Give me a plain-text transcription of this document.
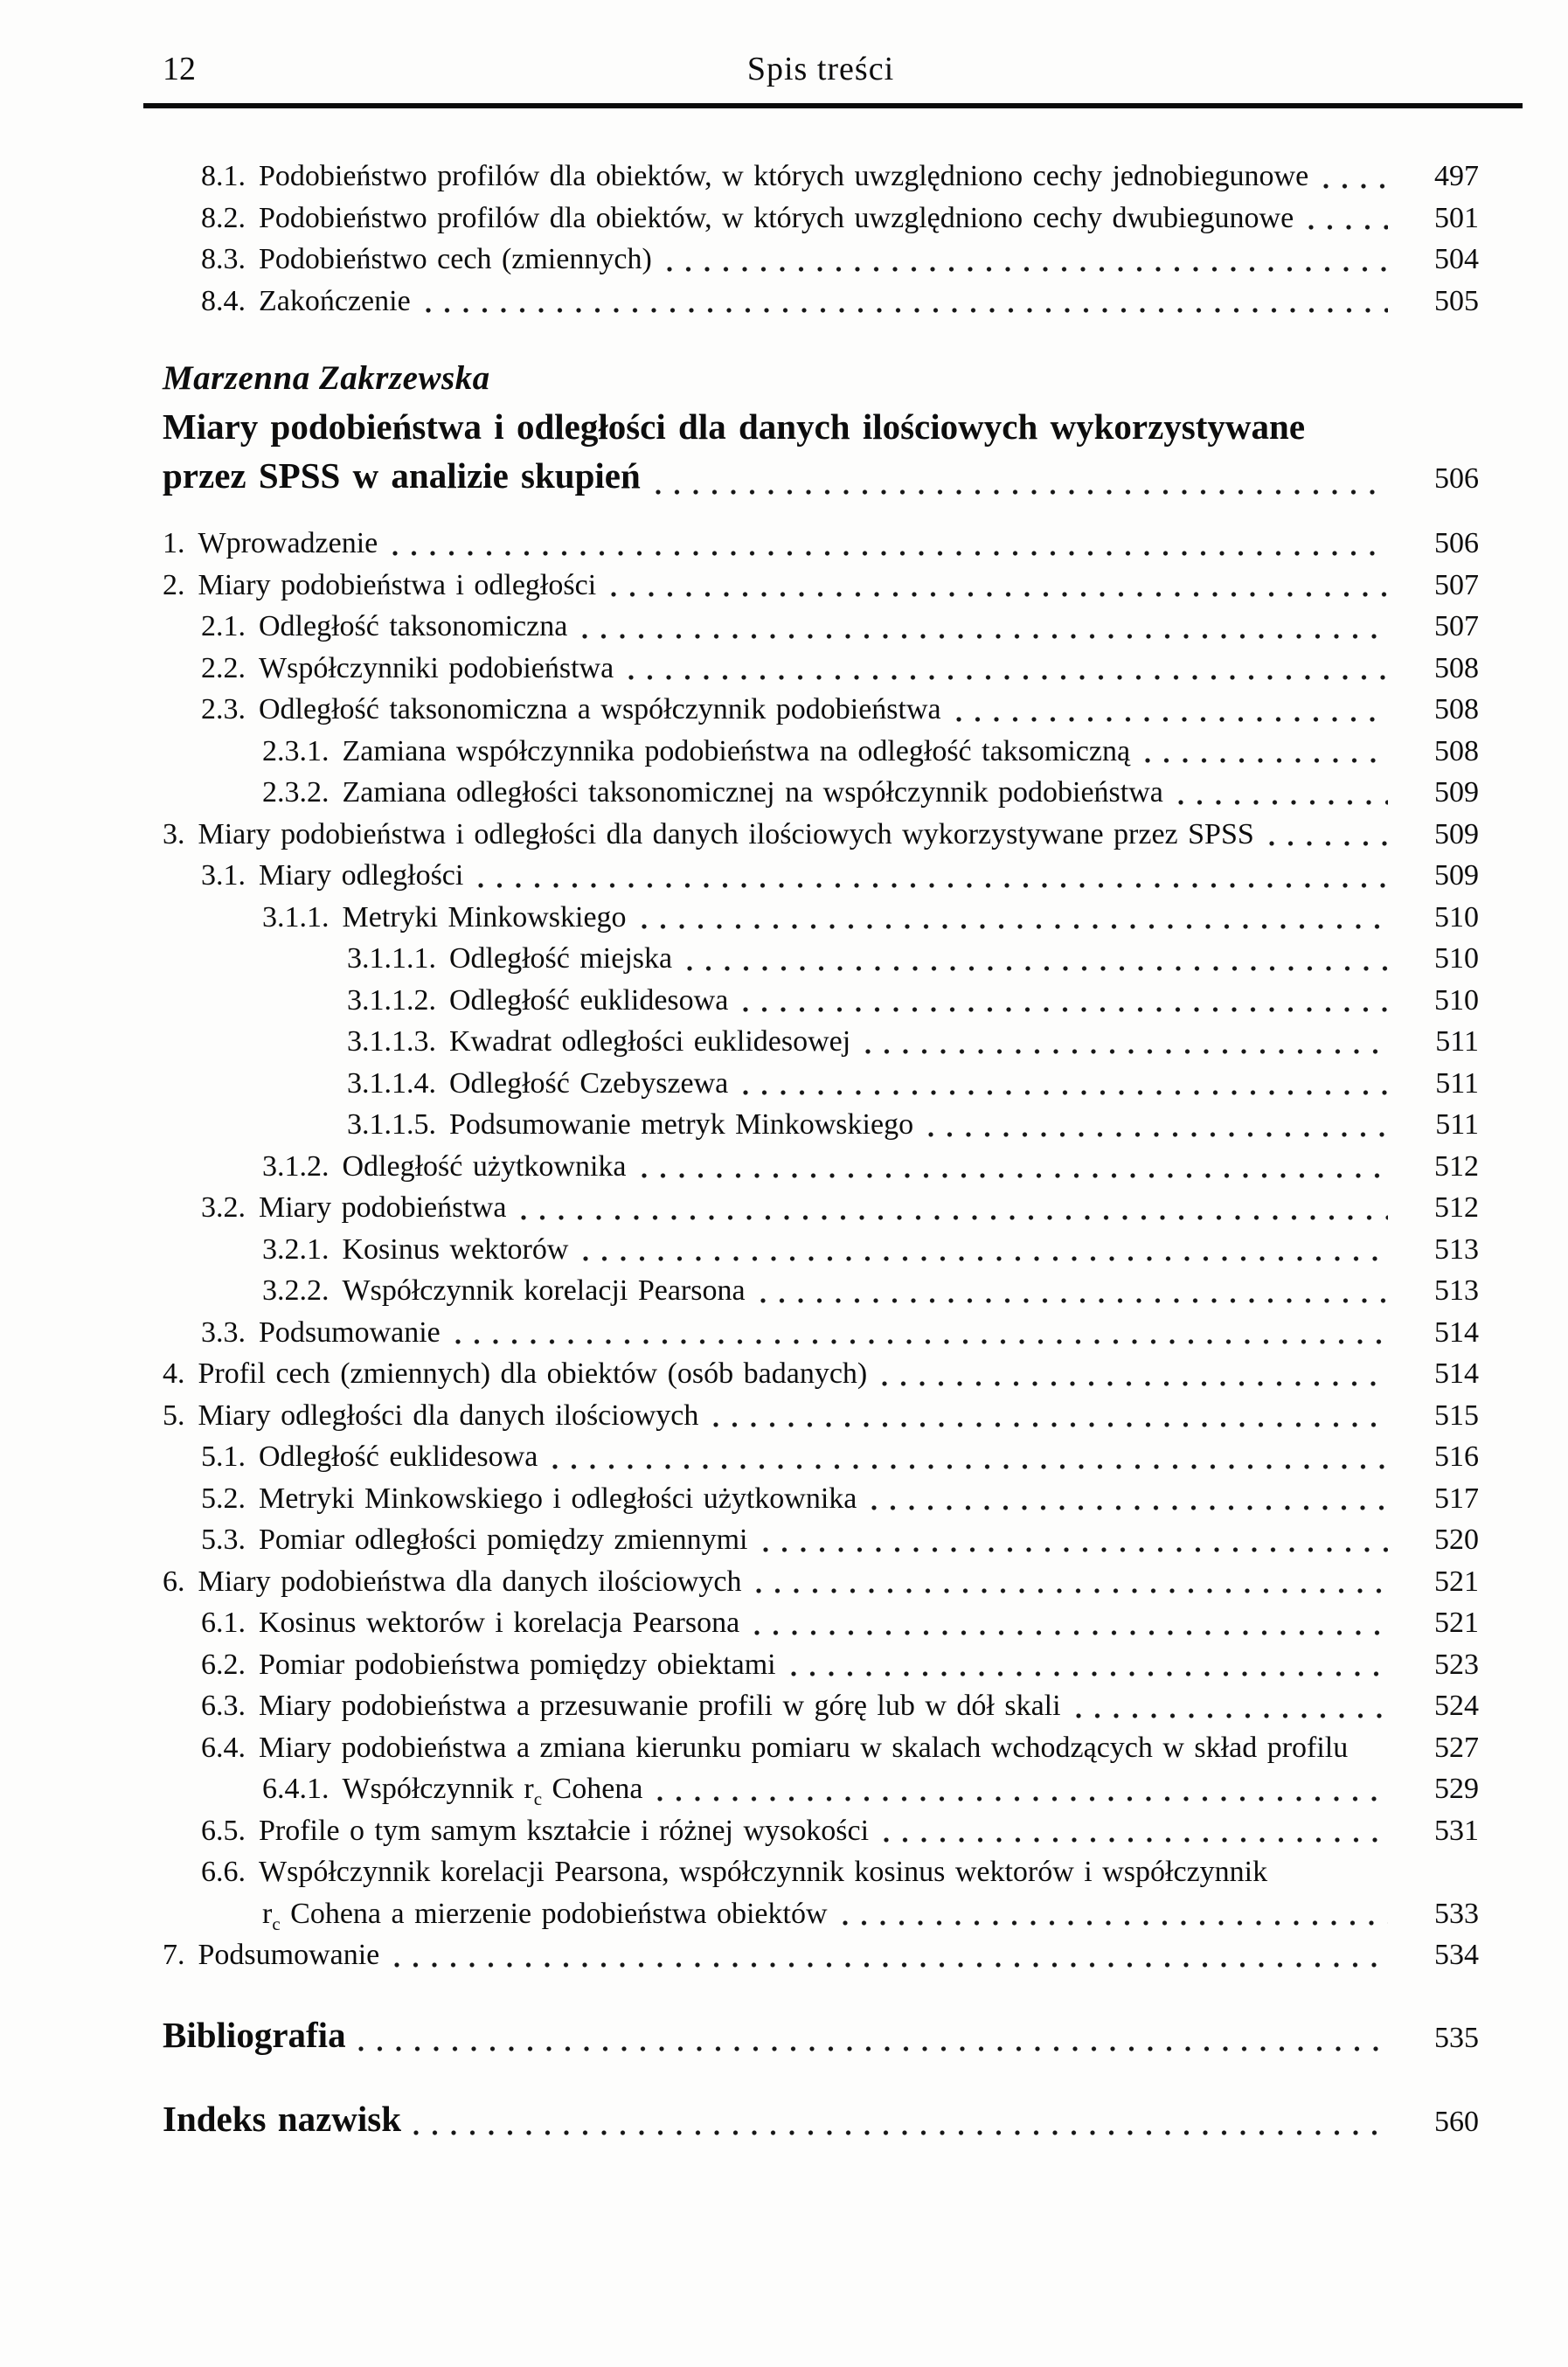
12	Spis treści
8.1. Podobieństwo profilów dla obiektów, w których uwzględniono cechy jednobiegunowe	497
8.2. Podobieństwo profilów dla obiektów, w których uwzględniono cechy dwubiegunowe	501
8.3. Podobieństwo cech (zmiennych)	504
8.4. Zakończenie	505
Marzenna Zakrzewska
Miary podobieństwa i odległości dla danych ilościowych wykorzystywane
przez SPSS w analizie skupień	506
1. Wprowadzenie	506
2. Miary podobieństwa i odległości	507
2.1. Odległość taksonomiczna	507
2.2. Współczynniki podobieństwa	508
2.3. Odległość taksonomiczna a współczynnik podobieństwa	508
2.3.1. Zamiana współczynnika podobieństwa na odległość taksomiczną	508
2.3.2. Zamiana odległości taksonomicznej na współczynnik podobieństwa	509
3. Miary podobieństwa i odległości dla danych ilościowych wykorzystywane przez SPSS	509
3.1. Miary odległości	509
3.1.1. Metryki Minkowskiego	510
3.1.1.1. Odległość miejska	510
3.1.1.2. Odległość euklidesowa	510
3.1.1.3. Kwadrat odległości euklidesowej	511
3.1.1.4. Odległość Czebyszewa	511
3.1.1.5. Podsumowanie metryk Minkowskiego	511
3.1.2. Odległość użytkownika	512
3.2. Miary podobieństwa	512
3.2.1. Kosinus wektorów	513
3.2.2. Współczynnik korelacji Pearsona	513
3.3. Podsumowanie	514
4. Profil cech (zmiennych) dla obiektów (osób badanych)	514
5. Miary odległości dla danych ilościowych	515
5.1. Odległość euklidesowa	516
5.2. Metryki Minkowskiego i odległości użytkownika	517
5.3. Pomiar odległości pomiędzy zmiennymi	520
6. Miary podobieństwa dla danych ilościowych	521
6.1. Kosinus wektorów i korelacja Pearsona	521
6.2. Pomiar podobieństwa pomiędzy obiektami	523
6.3. Miary podobieństwa a przesuwanie profili w górę lub w dół skali	524
6.4. Miary podobieństwa a zmiana kierunku pomiaru w skalach wchodzących w skład profilu	527
6.4.1. Współczynnik $r_c$ Cohena	529
6.5. Profile o tym samym kształcie i różnej wysokości	531
6.6. Współczynnik korelacji Pearsona, współczynnik kosinus wektorów i współczynnik
$r_c$ Cohena a mierzenie podobieństwa obiektów	533
7. Podsumowanie	534
Bibliografia	535
Indeks nazwisk	560
